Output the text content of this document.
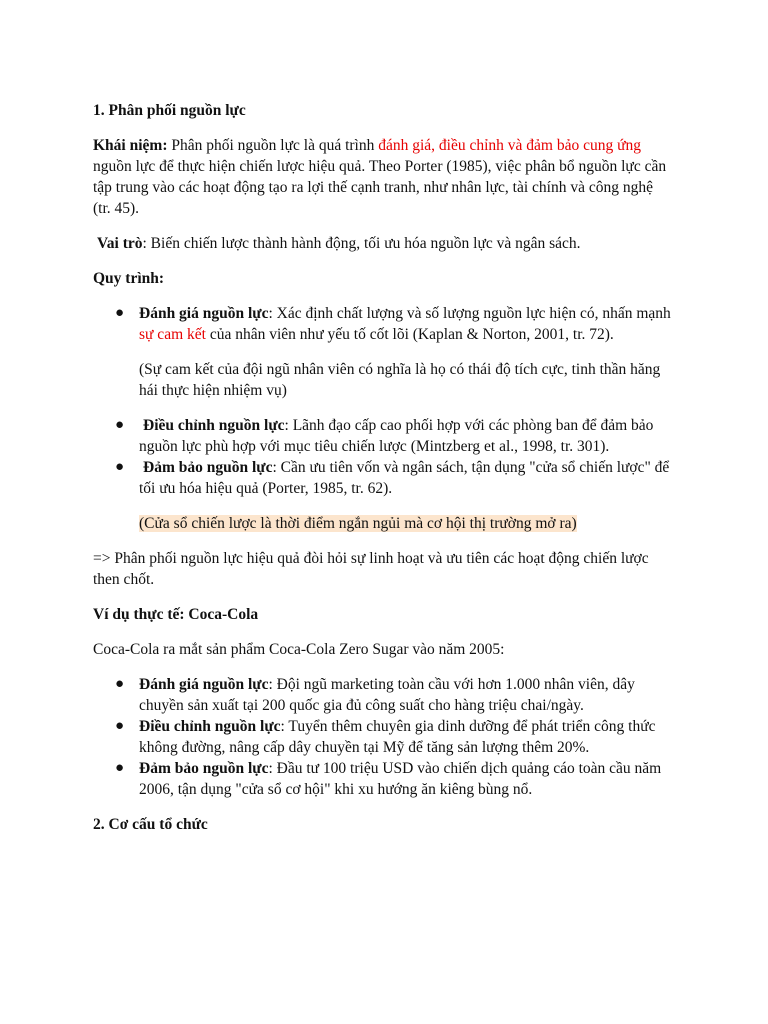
1. Phân phối nguồn lực

Khái niệm: Phân phối nguồn lực là quá trình đánh giá, điều chỉnh và đảm bảo cung ứng nguồn lực để thực hiện chiến lược hiệu quả. Theo Porter (1985), việc phân bổ nguồn lực cần tập trung vào các hoạt động tạo ra lợi thế cạnh tranh, như nhân lực, tài chính và công nghệ (tr. 45).

Vai trò: Biến chiến lược thành hành động, tối ưu hóa nguồn lực và ngân sách.

Quy trình:

● Đánh giá nguồn lực: Xác định chất lượng và số lượng nguồn lực hiện có, nhấn mạnh sự cam kết của nhân viên như yếu tố cốt lõi (Kaplan & Norton, 2001, tr. 72).

(Sự cam kết của đội ngũ nhân viên có nghĩa là họ có thái độ tích cực, tinh thần hăng hái thực hiện nhiệm vụ)

● Điều chỉnh nguồn lực: Lãnh đạo cấp cao phối hợp với các phòng ban để đảm bảo nguồn lực phù hợp với mục tiêu chiến lược (Mintzberg et al., 1998, tr. 301).
● Đảm bảo nguồn lực: Cần ưu tiên vốn và ngân sách, tận dụng "cửa sổ chiến lược" để tối ưu hóa hiệu quả (Porter, 1985, tr. 62).

(Cửa sổ chiến lược là thời điểm ngắn ngủi mà cơ hội thị trường mở ra)

=> Phân phối nguồn lực hiệu quả đòi hỏi sự linh hoạt và ưu tiên các hoạt động chiến lược then chốt.

Ví dụ thực tế: Coca-Cola

Coca-Cola ra mắt sản phẩm Coca-Cola Zero Sugar vào năm 2005:

● Đánh giá nguồn lực: Đội ngũ marketing toàn cầu với hơn 1.000 nhân viên, dây chuyền sản xuất tại 200 quốc gia đủ công suất cho hàng triệu chai/ngày.
● Điều chỉnh nguồn lực: Tuyển thêm chuyên gia dinh dưỡng để phát triển công thức không đường, nâng cấp dây chuyền tại Mỹ để tăng sản lượng thêm 20%.
● Đảm bảo nguồn lực: Đầu tư 100 triệu USD vào chiến dịch quảng cáo toàn cầu năm 2006, tận dụng "cửa sổ cơ hội" khi xu hướng ăn kiêng bùng nổ.

2. Cơ cấu tổ chức
